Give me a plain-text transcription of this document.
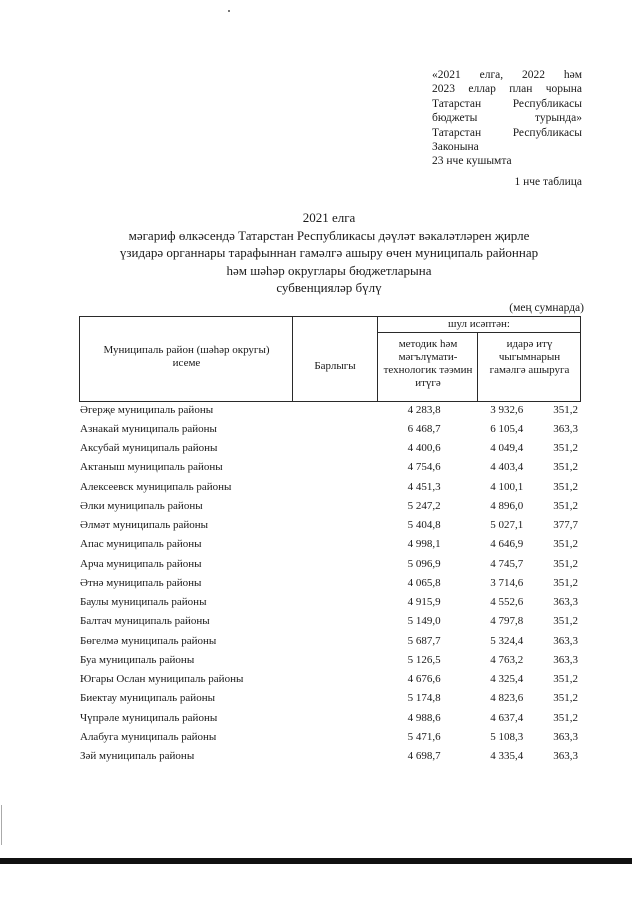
«2021 елга, 2022 һәм
2023 еллар план чорына
Татарстан Республикасы
бюджеты турында»
Татарстан Республикасы
Законына
23 нче кушымта
1 нче таблица
2021 елга
мәгариф өлкәсендә Татарстан Республикасы дәүләт вәкаләтләрен җирле
үзидарә органнары тарафыннан гамәлгә ашыру өчен муниципаль районнар
һәм шәһәр округлары бюджетларына
субвенцияләр бүлү
(мең сумнарда)
Муниципаль район (шәһәр округы) исеме	Барлыгы
шул исәптән:
методик һәм мәгълүмати-технологик тәэмин итүгә
идарә итү чыгымнарын гамәлгә ашыруга
Әгерҗе муниципаль районы	4 283,8	3 932,6	351,2
Азнакай муниципаль районы	6 468,7	6 105,4	363,3
Аксубай муниципаль районы	4 400,6	4 049,4	351,2
Актаныш муниципаль районы	4 754,6	4 403,4	351,2
Алексеевск муниципаль районы	4 451,3	4 100,1	351,2
Әлки муниципаль районы	5 247,2	4 896,0	351,2
Әлмәт муниципаль районы	5 404,8	5 027,1	377,7
Апас муниципаль районы	4 998,1	4 646,9	351,2
Арча муниципаль районы	5 096,9	4 745,7	351,2
Әтнә муниципаль районы	4 065,8	3 714,6	351,2
Баулы муниципаль районы	4 915,9	4 552,6	363,3
Балтач муниципаль районы	5 149,0	4 797,8	351,2
Бөгелмә муниципаль районы	5 687,7	5 324,4	363,3
Буа муниципаль районы	5 126,5	4 763,2	363,3
Югары Ослан муниципаль районы	4 676,6	4 325,4	351,2
Биектау муниципаль районы	5 174,8	4 823,6	351,2
Чүпрәле муниципаль районы	4 988,6	4 637,4	351,2
Алабуга муниципаль районы	5 471,6	5 108,3	363,3
Зәй муниципаль районы	4 698,7	4 335,4	363,3
